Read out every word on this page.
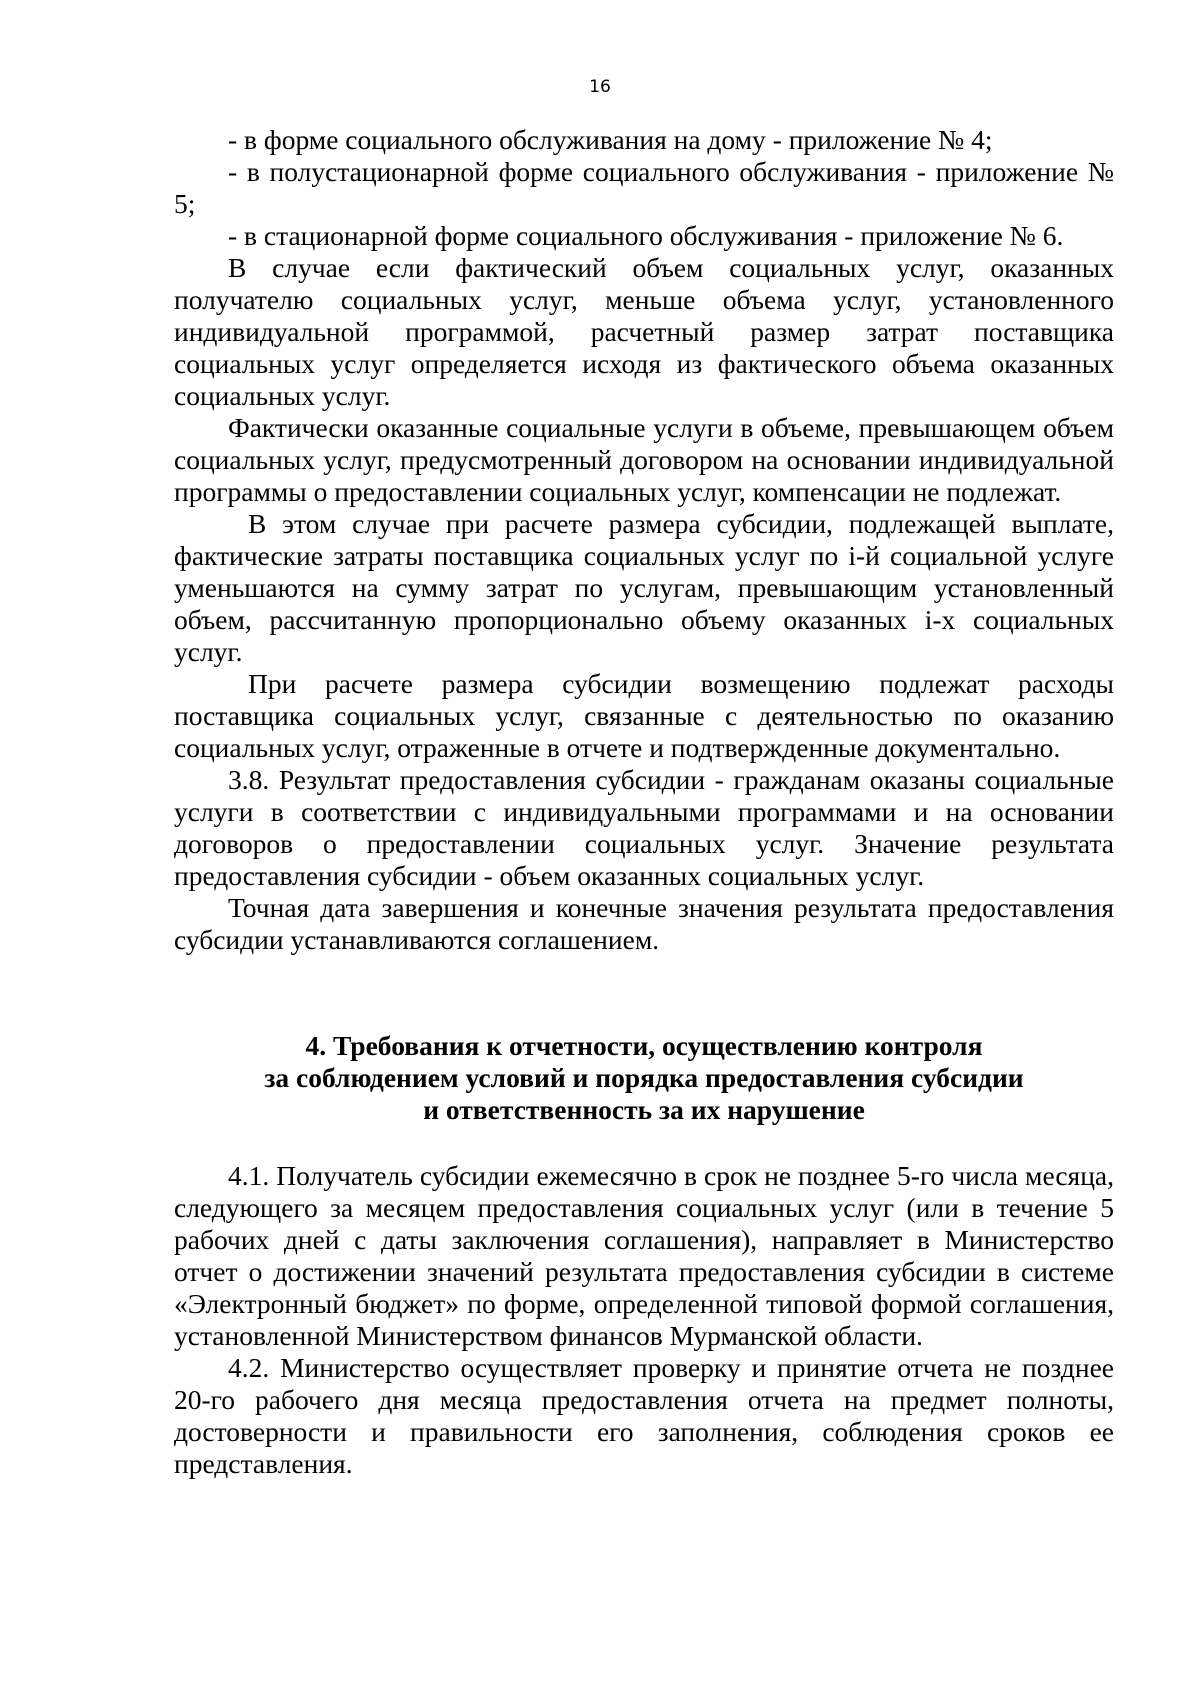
16

- в форме социального обслуживания на дому - приложение № 4;

- в полустационарной форме социального обслуживания - приложение № 5;

- в стационарной форме социального обслуживания - приложение № 6.

В случае если фактический объем социальных услуг, оказанных получателю социальных услуг, меньше объема услуг, установленного индивидуальной программой, расчетный размер затрат поставщика социальных услуг определяется исходя из фактического объема оказанных социальных услуг.

Фактически оказанные социальные услуги в объеме, превышающем объем социальных услуг, предусмотренный договором на основании индивидуальной программы о предоставлении социальных услуг, компенсации не подлежат.

В этом случае при расчете размера субсидии, подлежащей выплате, фактические затраты поставщика социальных услуг по i-й социальной услуге уменьшаются на сумму затрат по услугам, превышающим установленный объем, рассчитанную пропорционально объему оказанных i-х социальных услуг.

При расчете размера субсидии возмещению подлежат расходы поставщика социальных услуг, связанные с деятельностью по оказанию социальных услуг, отраженные в отчете и подтвержденные документально.

3.8. Результат предоставления субсидии - гражданам оказаны социальные услуги в соответствии с индивидуальными программами и на основании договоров о предоставлении социальных услуг. Значение результата предоставления субсидии - объем оказанных социальных услуг.

Точная дата завершения и конечные значения результата предоставления субсидии устанавливаются соглашением.

4. Требования к отчетности, осуществлению контроля
за соблюдением условий и порядка предоставления субсидии
и ответственность за их нарушение

4.1. Получатель субсидии ежемесячно в срок не позднее 5-го числа месяца, следующего за месяцем предоставления социальных услуг (или в течение 5 рабочих дней с даты заключения соглашения), направляет в Министерство отчет о достижении значений результата предоставления субсидии в системе «Электронный бюджет» по форме, определенной типовой формой соглашения, установленной Министерством финансов Мурманской области.

4.2. Министерство осуществляет проверку и принятие отчета не позднее 20-го рабочего дня месяца предоставления отчета на предмет полноты, достоверности и правильности его заполнения, соблюдения сроков ее представления.
